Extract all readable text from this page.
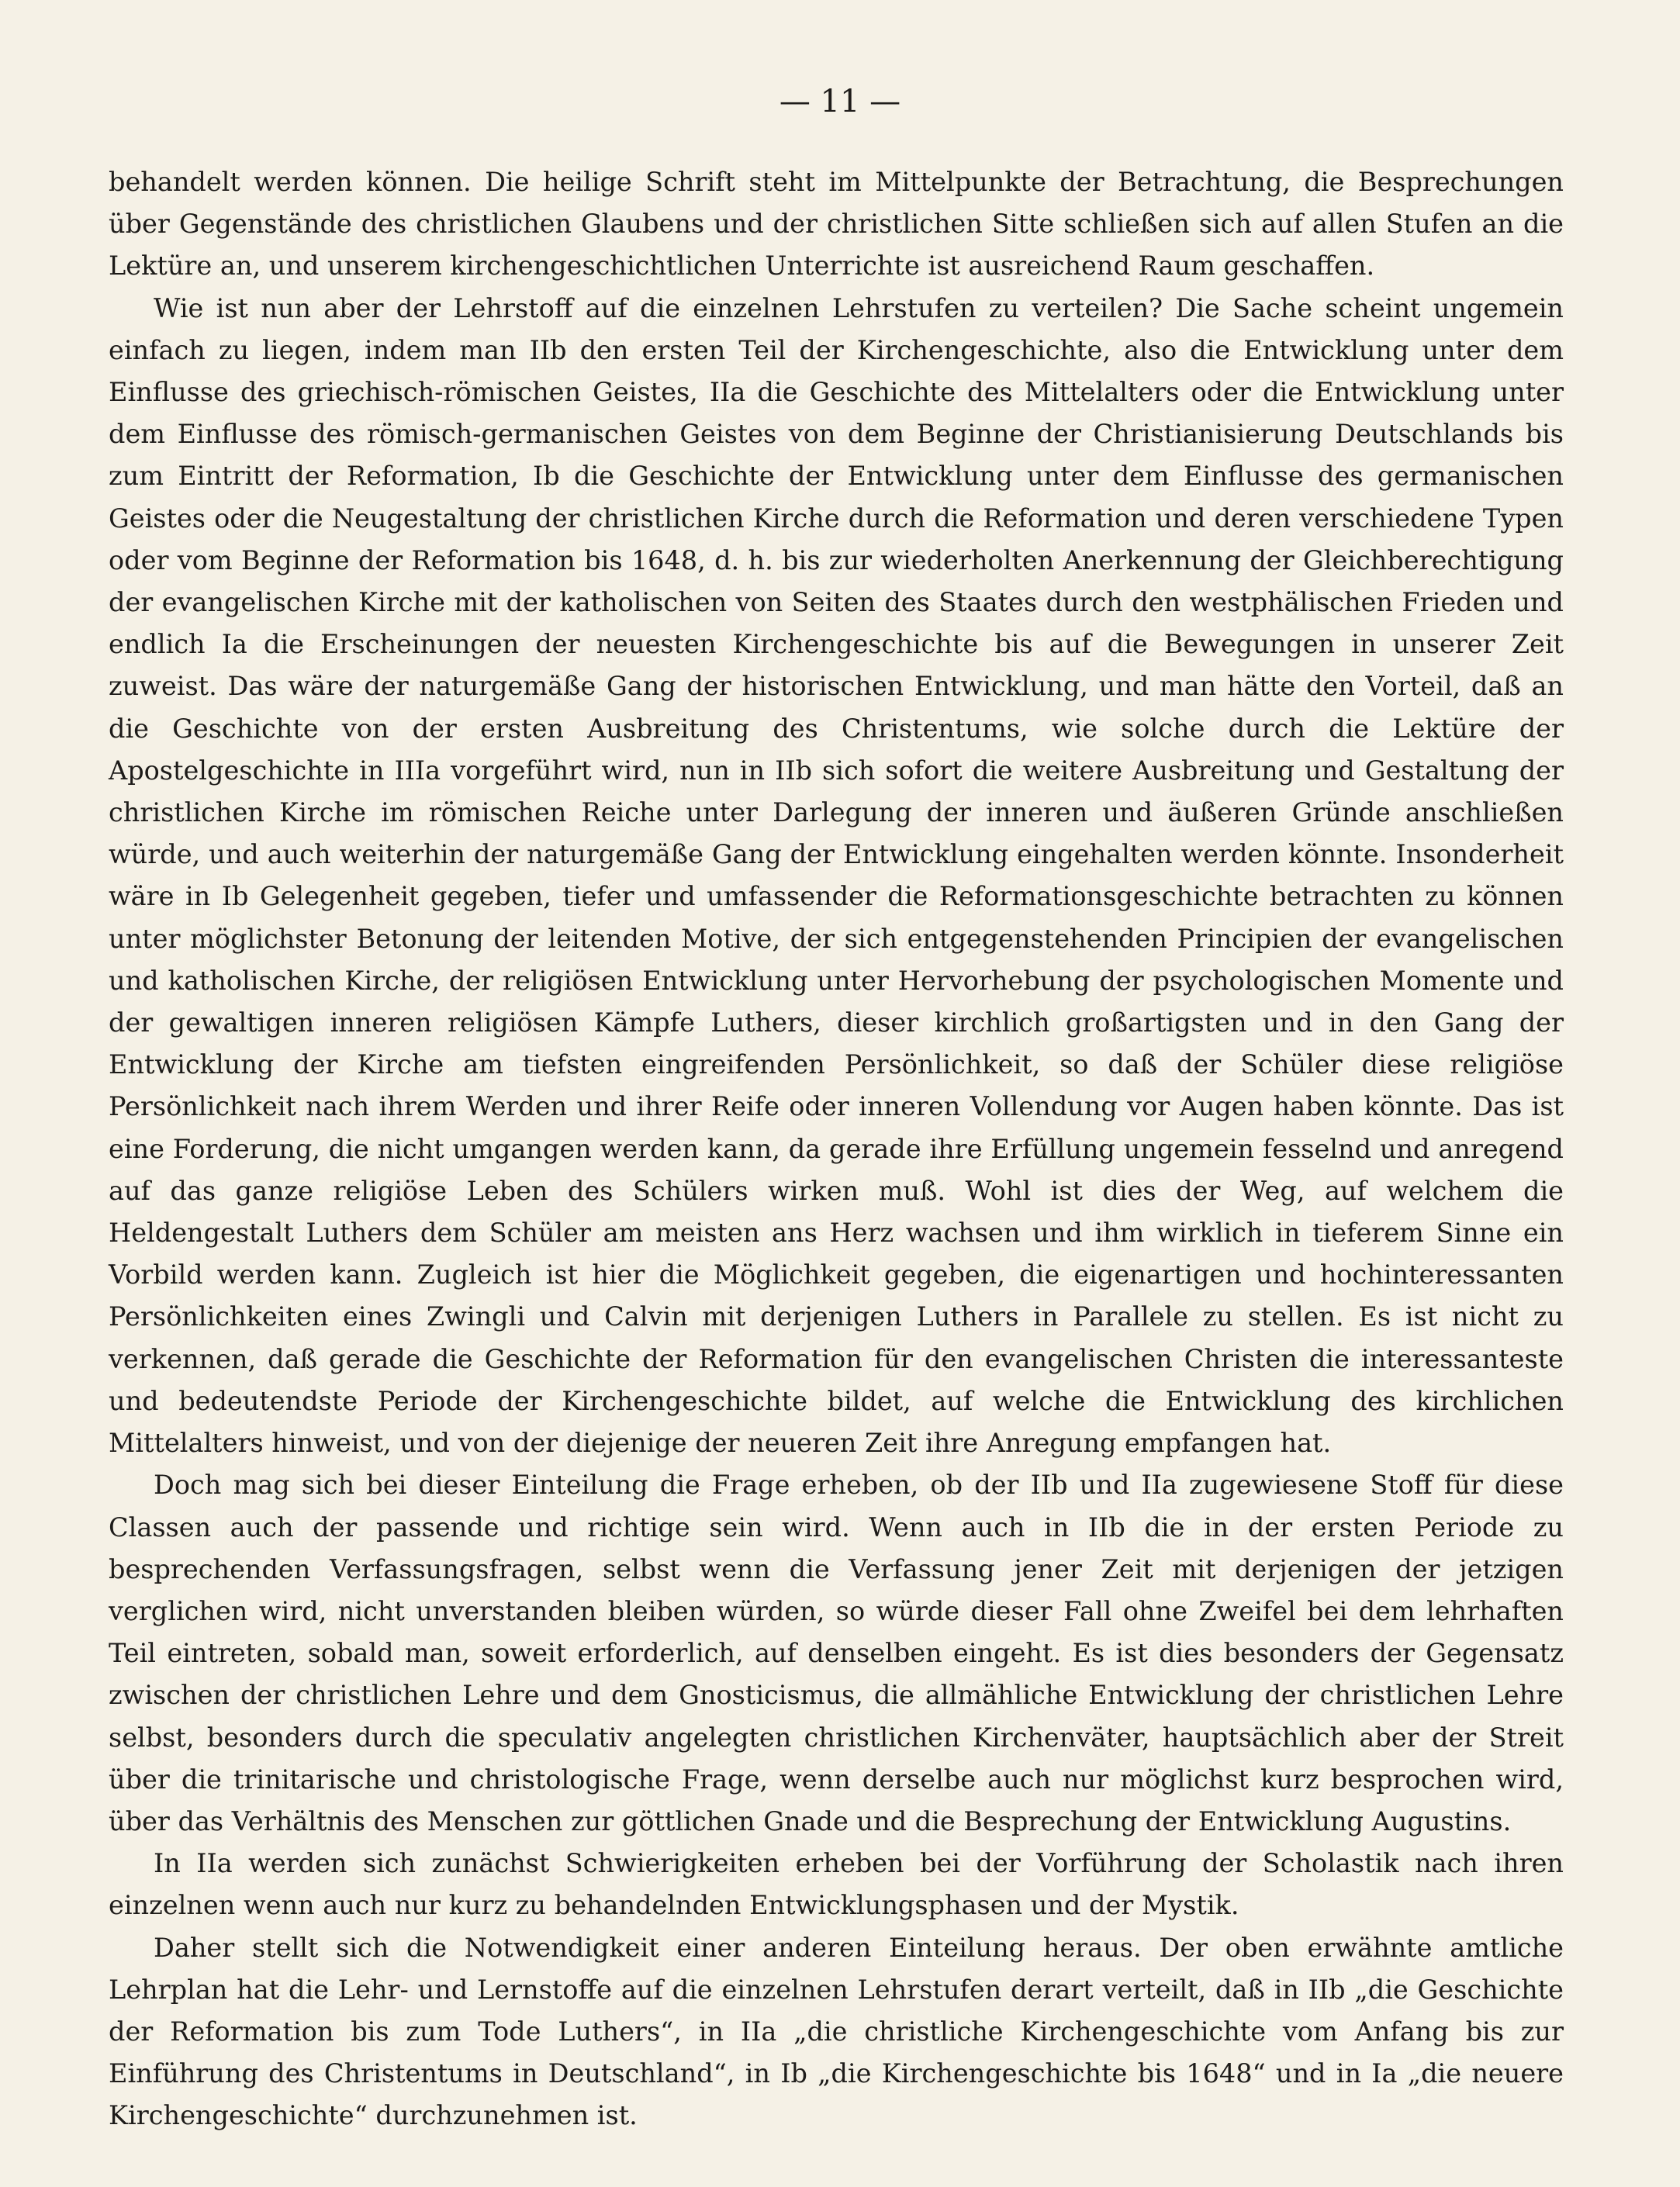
— 11 —

behandelt werden können. Die heilige Schrift steht im Mittelpunkte der Betrachtung, die Besprechungen über Gegenstände des christlichen Glaubens und der christlichen Sitte schließen sich auf allen Stufen an die Lektüre an, und unserem kirchengeschichtlichen Unterrichte ist ausreichend Raum geschaffen.

Wie ist nun aber der Lehrstoff auf die einzelnen Lehrstufen zu verteilen? Die Sache scheint ungemein einfach zu liegen, indem man IIb den ersten Teil der Kirchengeschichte, also die Entwicklung unter dem Einflusse des griechisch-römischen Geistes, IIa die Geschichte des Mittelalters oder die Entwicklung unter dem Einflusse des römisch-germanischen Geistes von dem Beginne der Christianisierung Deutschlands bis zum Eintritt der Reformation, Ib die Geschichte der Entwicklung unter dem Einflusse des germanischen Geistes oder die Neugestaltung der christlichen Kirche durch die Reformation und deren verschiedene Typen oder vom Beginne der Reformation bis 1648, d. h. bis zur wiederholten Anerkennung der Gleichberechtigung der evangelischen Kirche mit der katholischen von Seiten des Staates durch den westphälischen Frieden und endlich Ia die Erscheinungen der neuesten Kirchengeschichte bis auf die Bewegungen in unserer Zeit zuweist. Das wäre der naturgemäße Gang der historischen Entwicklung, und man hätte den Vorteil, daß an die Geschichte von der ersten Ausbreitung des Christentums, wie solche durch die Lektüre der Apostelgeschichte in IIIa vorgeführt wird, nun in IIb sich sofort die weitere Ausbreitung und Gestaltung der christlichen Kirche im römischen Reiche unter Darlegung der inneren und äußeren Gründe anschließen würde, und auch weiterhin der naturgemäße Gang der Entwicklung eingehalten werden könnte. Insonderheit wäre in Ib Gelegenheit gegeben, tiefer und umfassender die Reformationsgeschichte betrachten zu können unter möglichster Betonung der leitenden Motive, der sich entgegenstehenden Principien der evangelischen und katholischen Kirche, der religiösen Entwicklung unter Hervorhebung der psychologischen Momente und der gewaltigen inneren religiösen Kämpfe Luthers, dieser kirchlich großartigsten und in den Gang der Entwicklung der Kirche am tiefsten eingreifenden Persönlichkeit, so daß der Schüler diese religiöse Persönlichkeit nach ihrem Werden und ihrer Reife oder inneren Vollendung vor Augen haben könnte. Das ist eine Forderung, die nicht umgangen werden kann, da gerade ihre Erfüllung ungemein fesselnd und anregend auf das ganze religiöse Leben des Schülers wirken muß. Wohl ist dies der Weg, auf welchem die Heldengestalt Luthers dem Schüler am meisten ans Herz wachsen und ihm wirklich in tieferem Sinne ein Vorbild werden kann. Zugleich ist hier die Möglichkeit gegeben, die eigenartigen und hochinteressanten Persönlichkeiten eines Zwingli und Calvin mit derjenigen Luthers in Parallele zu stellen. Es ist nicht zu verkennen, daß gerade die Geschichte der Reformation für den evangelischen Christen die interessanteste und bedeutendste Periode der Kirchengeschichte bildet, auf welche die Entwicklung des kirchlichen Mittelalters hinweist, und von der diejenige der neueren Zeit ihre Anregung empfangen hat.

Doch mag sich bei dieser Einteilung die Frage erheben, ob der IIb und IIa zugewiesene Stoff für diese Classen auch der passende und richtige sein wird. Wenn auch in IIb die in der ersten Periode zu besprechenden Verfassungsfragen, selbst wenn die Verfassung jener Zeit mit derjenigen der jetzigen verglichen wird, nicht unverstanden bleiben würden, so würde dieser Fall ohne Zweifel bei dem lehrhaften Teil eintreten, sobald man, soweit erforderlich, auf denselben eingeht. Es ist dies besonders der Gegensatz zwischen der christlichen Lehre und dem Gnosticismus, die allmähliche Entwicklung der christlichen Lehre selbst, besonders durch die speculativ angelegten christlichen Kirchenväter, hauptsächlich aber der Streit über die trinitarische und christologische Frage, wenn derselbe auch nur möglichst kurz besprochen wird, über das Verhältnis des Menschen zur göttlichen Gnade und die Besprechung der Entwicklung Augustins.

In IIa werden sich zunächst Schwierigkeiten erheben bei der Vorführung der Scholastik nach ihren einzelnen wenn auch nur kurz zu behandelnden Entwicklungsphasen und der Mystik.

Daher stellt sich die Notwendigkeit einer anderen Einteilung heraus. Der oben erwähnte amtliche Lehrplan hat die Lehr- und Lernstoffe auf die einzelnen Lehrstufen derart verteilt, daß in IIb „die Geschichte der Reformation bis zum Tode Luthers“, in IIa „die christliche Kirchengeschichte vom Anfang bis zur Einführung des Christentums in Deutschland“, in Ib „die Kirchengeschichte bis 1648“ und in Ia „die neuere Kirchengeschichte“ durchzunehmen ist.
